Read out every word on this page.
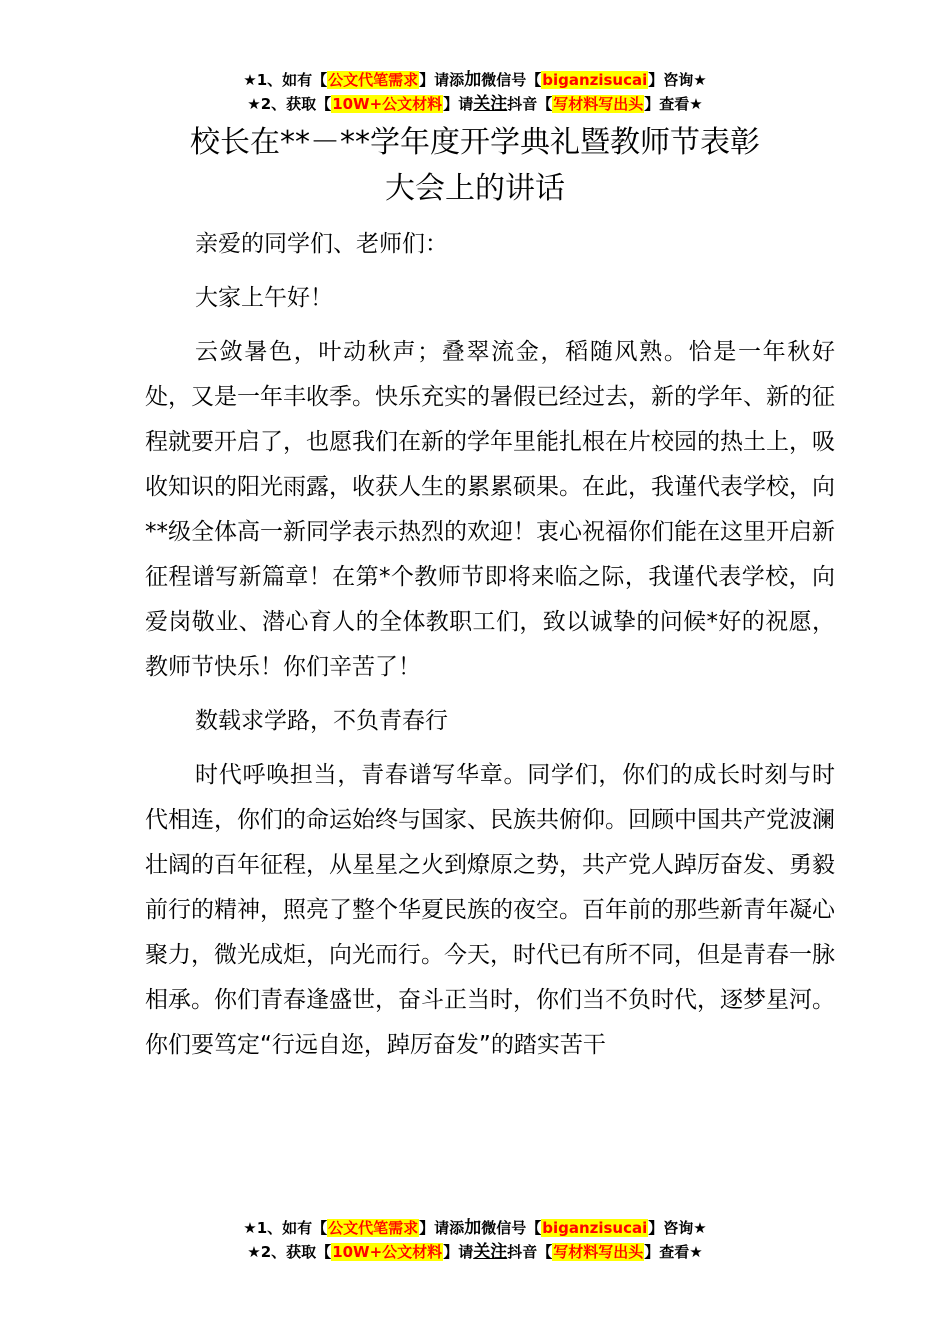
★1、如有【公文代笔需求】请添加微信号【biganzisucai】咨询★
★2、获取【10W+公文材料】请关注抖音【写材料写出头】查看★
校长在**－**学年度开学典礼暨教师节表彰
大会上的讲话

亲爱的同学们、老师们：

大家上午好！

云敛暑色，叶动秋声；叠翠流金，稻随风熟。恰是一年秋好处，又是一年丰收季。快乐充实的暑假已经过去，新的学年、新的征程就要开启了，也愿我们在新的学年里能扎根在片校园的热土上，吸收知识的阳光雨露，收获人生的累累硕果。在此，我谨代表学校，向**级全体高一新同学表示热烈的欢迎！衷心祝福你们能在这里开启新征程谱写新篇章！在第*个教师节即将来临之际，我谨代表学校，向爱岗敬业、潜心育人的全体教职工们，致以诚挚的问候*好的祝愿，教师节快乐！你们辛苦了！

数载求学路，不负青春行

时代呼唤担当，青春谱写华章。同学们，你们的成长时刻与时代相连，你们的命运始终与国家、民族共俯仰。回顾中国共产党波澜壮阔的百年征程，从星星之火到燎原之势，共产党人踔厉奋发、勇毅前行的精神，照亮了整个华夏民族的夜空。百年前的那些新青年凝心聚力，微光成炬，向光而行。今天，时代已有所不同，但是青春一脉相承。你们青春逢盛世，奋斗正当时，你们当不负时代，逐梦星河。你们要笃定“行远自迩，踔厉奋发”的踏实苦干

★1、如有【公文代笔需求】请添加微信号【biganzisucai】咨询★
★2、获取【10W+公文材料】请关注抖音【写材料写出头】查看★
